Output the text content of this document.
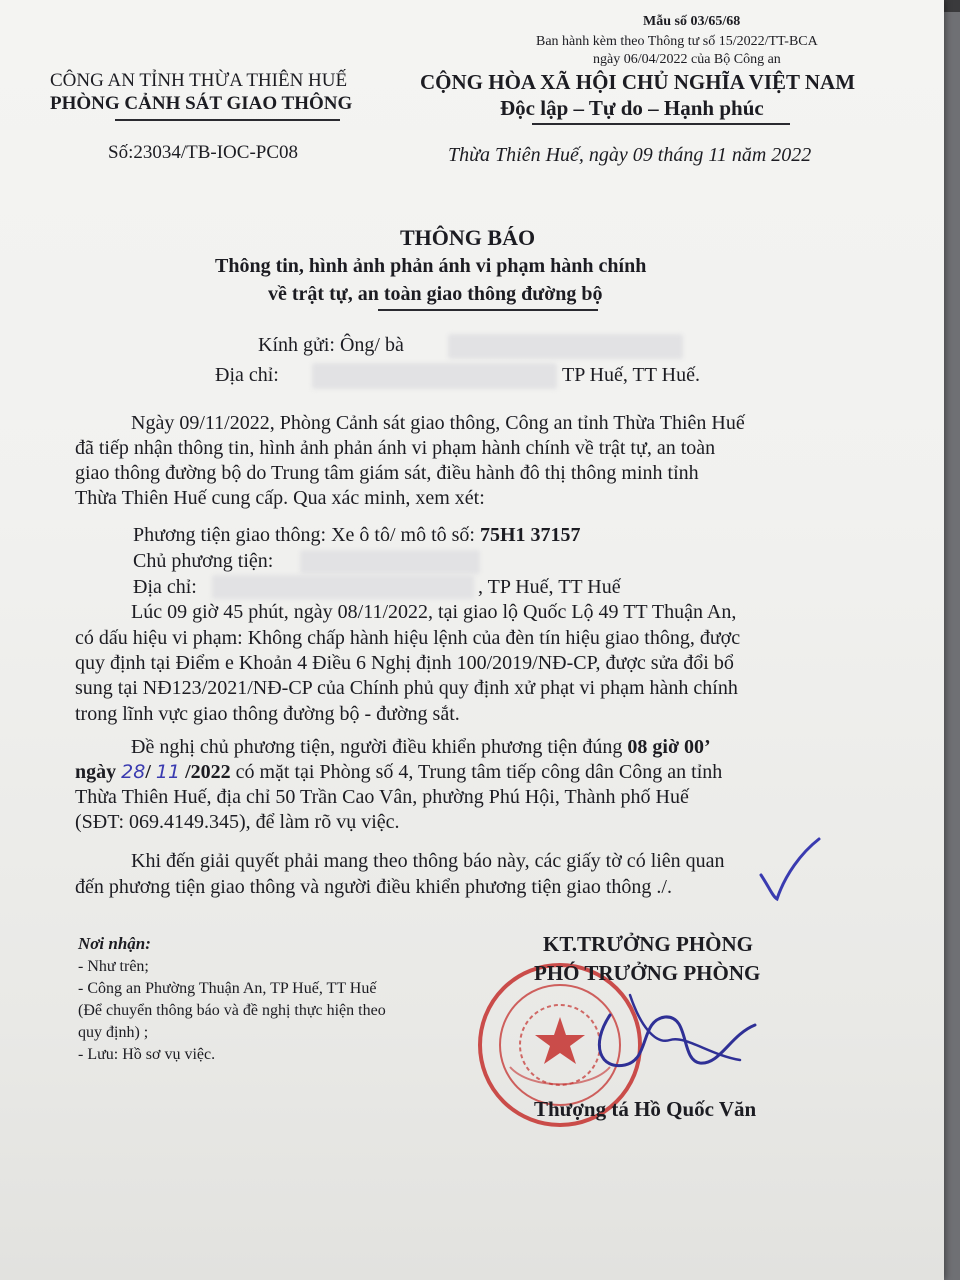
Mẫu số 03/65/68
Ban hành kèm theo Thông tư số 15/2022/TT-BCA
ngày 06/04/2022 của Bộ Công an
CÔNG AN TỈNH THỪA THIÊN HUẾ
PHÒNG CẢNH SÁT GIAO THÔNG
Số:23034/TB-IOC-PC08
CỘNG HÒA XÃ HỘI CHỦ NGHĨA VIỆT NAM
Độc lập – Tự do – Hạnh phúc
Thừa Thiên Huế, ngày 09 tháng 11 năm 2022
THÔNG BÁO
Thông tin, hình ảnh phản ánh vi phạm hành chính
về trật tự, an toàn giao thông đường bộ
Kính gửi: Ông/ bà
Địa chỉ:	TP Huế, TT Huế.
Ngày 09/11/2022, Phòng Cảnh sát giao thông, Công an tỉnh Thừa Thiên Huế
đã tiếp nhận thông tin, hình ảnh phản ánh vi phạm hành chính về trật tự, an toàn
giao thông đường bộ do Trung tâm giám sát, điều hành đô thị thông minh tỉnh
Thừa Thiên Huế cung cấp. Qua xác minh, xem xét:
Phương tiện giao thông: Xe ô tô/ mô tô số: 75H1 37157
Chủ phương tiện:
Địa chỉ:	, TP Huế, TT Huế
Lúc 09 giờ 45 phút, ngày 08/11/2022, tại giao lộ Quốc Lộ 49 TT Thuận An,
có dấu hiệu vi phạm: Không chấp hành hiệu lệnh của đèn tín hiệu giao thông, được
quy định tại Điểm e Khoản 4 Điều 6 Nghị định 100/2019/NĐ-CP, được sửa đổi bổ
sung tại NĐ123/2021/NĐ-CP của Chính phủ quy định xử phạt vi phạm hành chính
trong lĩnh vực giao thông đường bộ - đường sắt.
Đề nghị chủ phương tiện, người điều khiển phương tiện đúng 08 giờ 00’
ngày 28/ 11 /2022 có mặt tại Phòng số 4, Trung tâm tiếp công dân Công an tỉnh
Thừa Thiên Huế, địa chỉ 50 Trần Cao Vân, phường Phú Hội, Thành phố Huế
(SĐT: 069.4149.345), để làm rõ vụ việc.
Khi đến giải quyết phải mang theo thông báo này, các giấy tờ có liên quan
đến phương tiện giao thông và người điều khiển phương tiện giao thông ./.
Nơi nhận:
- Như trên;
- Công an Phường Thuận An, TP Huế, TT Huế
(Để chuyển thông báo và đề nghị thực hiện theo
quy định) ;
- Lưu: Hồ sơ vụ việc.
KT.TRƯỞNG PHÒNG
PHÓ TRƯỞNG PHÒNG
Thượng tá Hồ Quốc Văn
